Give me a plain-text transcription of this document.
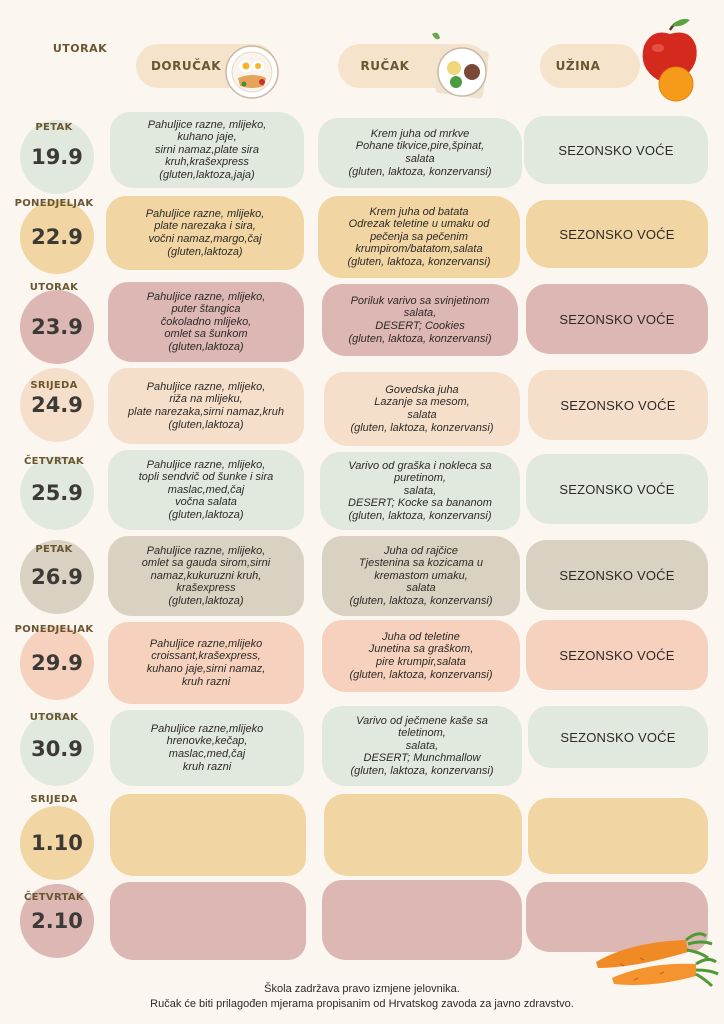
UTORAK
DORUČAK	RUČAK	UŽINA
PETAK
19.9
Pahuljice razne, mlijeko,
kuhano jaje,
sirni namaz,plate sira
kruh,krašexpress
(gluten,laktoza,jaja)
Krem juha od mrkve
Pohane tikvice,pire,špinat,
salata
(gluten, laktoza, konzervansi)
SEZONSKO VOĆE
PONEDJELJAK
22.9
Pahuljice razne, mlijeko,
plate narezaka i sira,
vočni namaz,margo,čaj
(gluten,laktoza)
Krem juha od batata
Odrezak teletine u umaku od
pečenja sa pečenim
krumpirom/batatom,salata
(gluten, laktoza, konzervansi)
SEZONSKO VOĆE
UTORAK
23.9
Pahuljice razne, mlijeko,
puter štangica
čokoladno mlijeko,
omlet sa šunkom
(gluten,laktoza)
Poriluk varivo sa svinjetinom
salata,
DESERT; Cookies
(gluten, laktoza, konzervansi)
SEZONSKO VOĆE
SRIJEDA
24.9
Pahuljice razne, mlijeko,
riža na mlijeku,
plate narezaka,sirni namaz,kruh
(gluten,laktoza)
Govedska juha
Lazanje sa mesom,
salata
(gluten, laktoza, konzervansi)
SEZONSKO VOĆE
ČETVRTAK
25.9
Pahuljice razne, mlijeko,
topli sendvič od šunke i sira
maslac,med,čaj
vočna salata
(gluten,laktoza)
Varivo od graška i nokleca sa
puretinom,
salata,
DESERT; Kocke sa bananom
(gluten, laktoza, konzervansi)
SEZONSKO VOĆE
PETAK
26.9
Pahuljice razne, mlijeko,
omlet sa gauda sirom,sirni
namaz,kukuruzni kruh,
krašexpress
(gluten,laktoza)
Juha od rajčice
Tjestenina sa kozicama u
kremastom umaku,
salata
(gluten, laktoza, konzervansi)
SEZONSKO VOĆE
PONEDJELJAK
29.9
Pahuljice razne,mlijeko
croissant,krašexpress,
kuhano jaje,sirni namaz,
kruh razni
Juha od teletine
Junetina sa graškom,
pire krumpir,salata
(gluten, laktoza, konzervansi)
SEZONSKO VOĆE
UTORAK
30.9
Pahuljice razne,mlijeko
hrenovke,kečap,
maslac,med,čaj
kruh razni
Varivo od ječmene kaše sa
teletinom,
salata,
DESERT; Munchmallow
(gluten, laktoza, konzervansi)
SEZONSKO VOĆE
SRIJEDA
1.10
ČETVRTAK
2.10
Škola zadržava pravo izmjene jelovnika.
Ručak će biti prilagođen mjerama propisanim od Hrvatskog zavoda za javno zdravstvo.
